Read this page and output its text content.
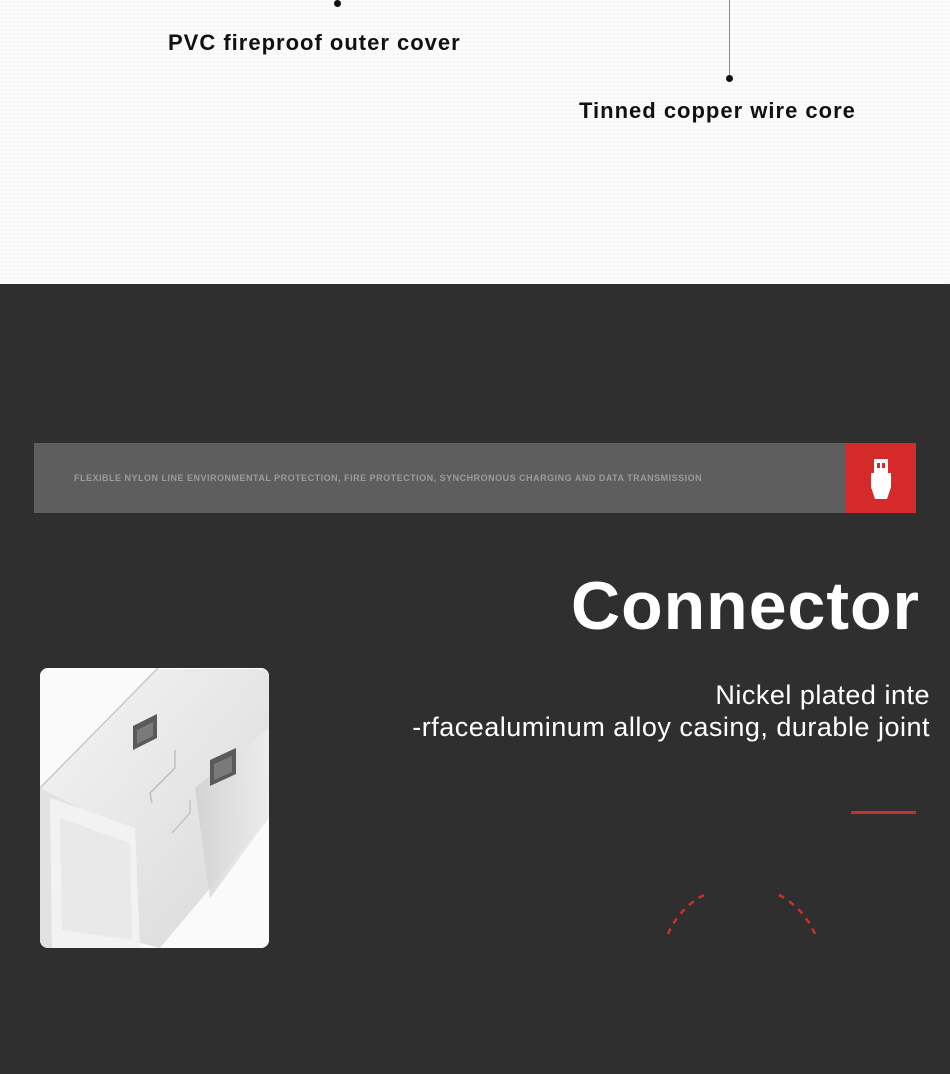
PVC fireproof outer cover
Tinned copper wire core
FLEXIBLE NYLON LINE ENVIRONMENTAL PROTECTION, FIRE PROTECTION, SYNCHRONOUS CHARGING AND DATA TRANSMISSION
Connector
Nickel plated inte
-rfacealuminum alloy casing, durable joint
